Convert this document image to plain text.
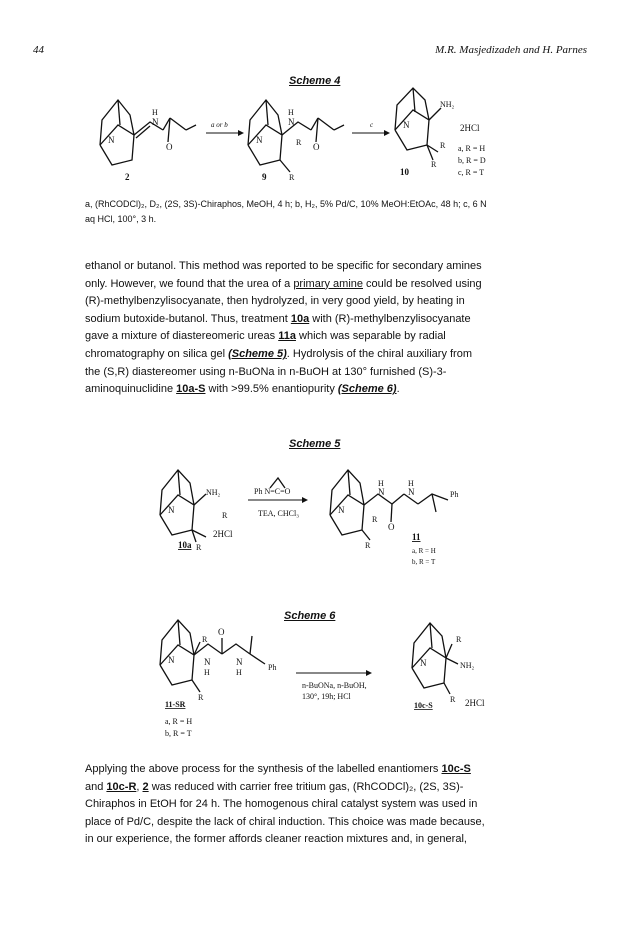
44	M.R. Masjedizadeh and H. Parnes
Scheme 4
Scheme 5
Scheme 6
N
H
N
O
2
a or b
N
H
N
R
R
O
9
c	N
NH₂
R
R
2HCl
10
a, R = H
b, R = D
c, R = T
N
NH₂
R
R
2HCl
10a
Ph N=C=O
TEA, CHCl₃	N
H
N
H
N
R
O
R
Ph
11
a, R = H
b, R = T
N
R
O
N
H
N
H
R
Ph
11-SR
a, R = H
b, R = T
n-BuONa, n-BuOH,
130°, 19h; HCl
N
R
NH₂
R 2HCl
10c-S
a, (RhCODCl)₂, D₂, (2S, 3S)-Chiraphos, MeOH, 4 h; b, H₂, 5% Pd/C, 10% MeOH:EtOAc, 48 h; c, 6 N
aq HCl, 100°, 3 h.
ethanol or butanol. This method was reported to be specific for secondary amines
only. However, we found that the urea of a primary amine could be resolved using
(R)-methylbenzylisocyanate, then hydrolyzed, in very good yield, by heating in
sodium butoxide-butanol. Thus, treatment 10a with (R)-methylbenzylisocyanate
gave a mixture of diastereomeric ureas 11a which was separable by radial
chromatography on silica gel (Scheme 5). Hydrolysis of the chiral auxiliary from
the (S,R) diastereomer using n-BuONa in n-BuOH at 130° furnished (S)-3-
aminoquinuclidine 10a-S with >99.5% enantiopurity (Scheme 6).
Applying the above process for the synthesis of the labelled enantiomers 10c-S
and 10c-R, 2 was reduced with carrier free tritium gas, (RhCODCl)₂, (2S, 3S)-
Chiraphos in EtOH for 24 h. The homogenous chiral catalyst system was used in
place of Pd/C, despite the lack of chiral induction. This choice was made because,
in our experience, the former affords cleaner reaction mixtures and, in general,
